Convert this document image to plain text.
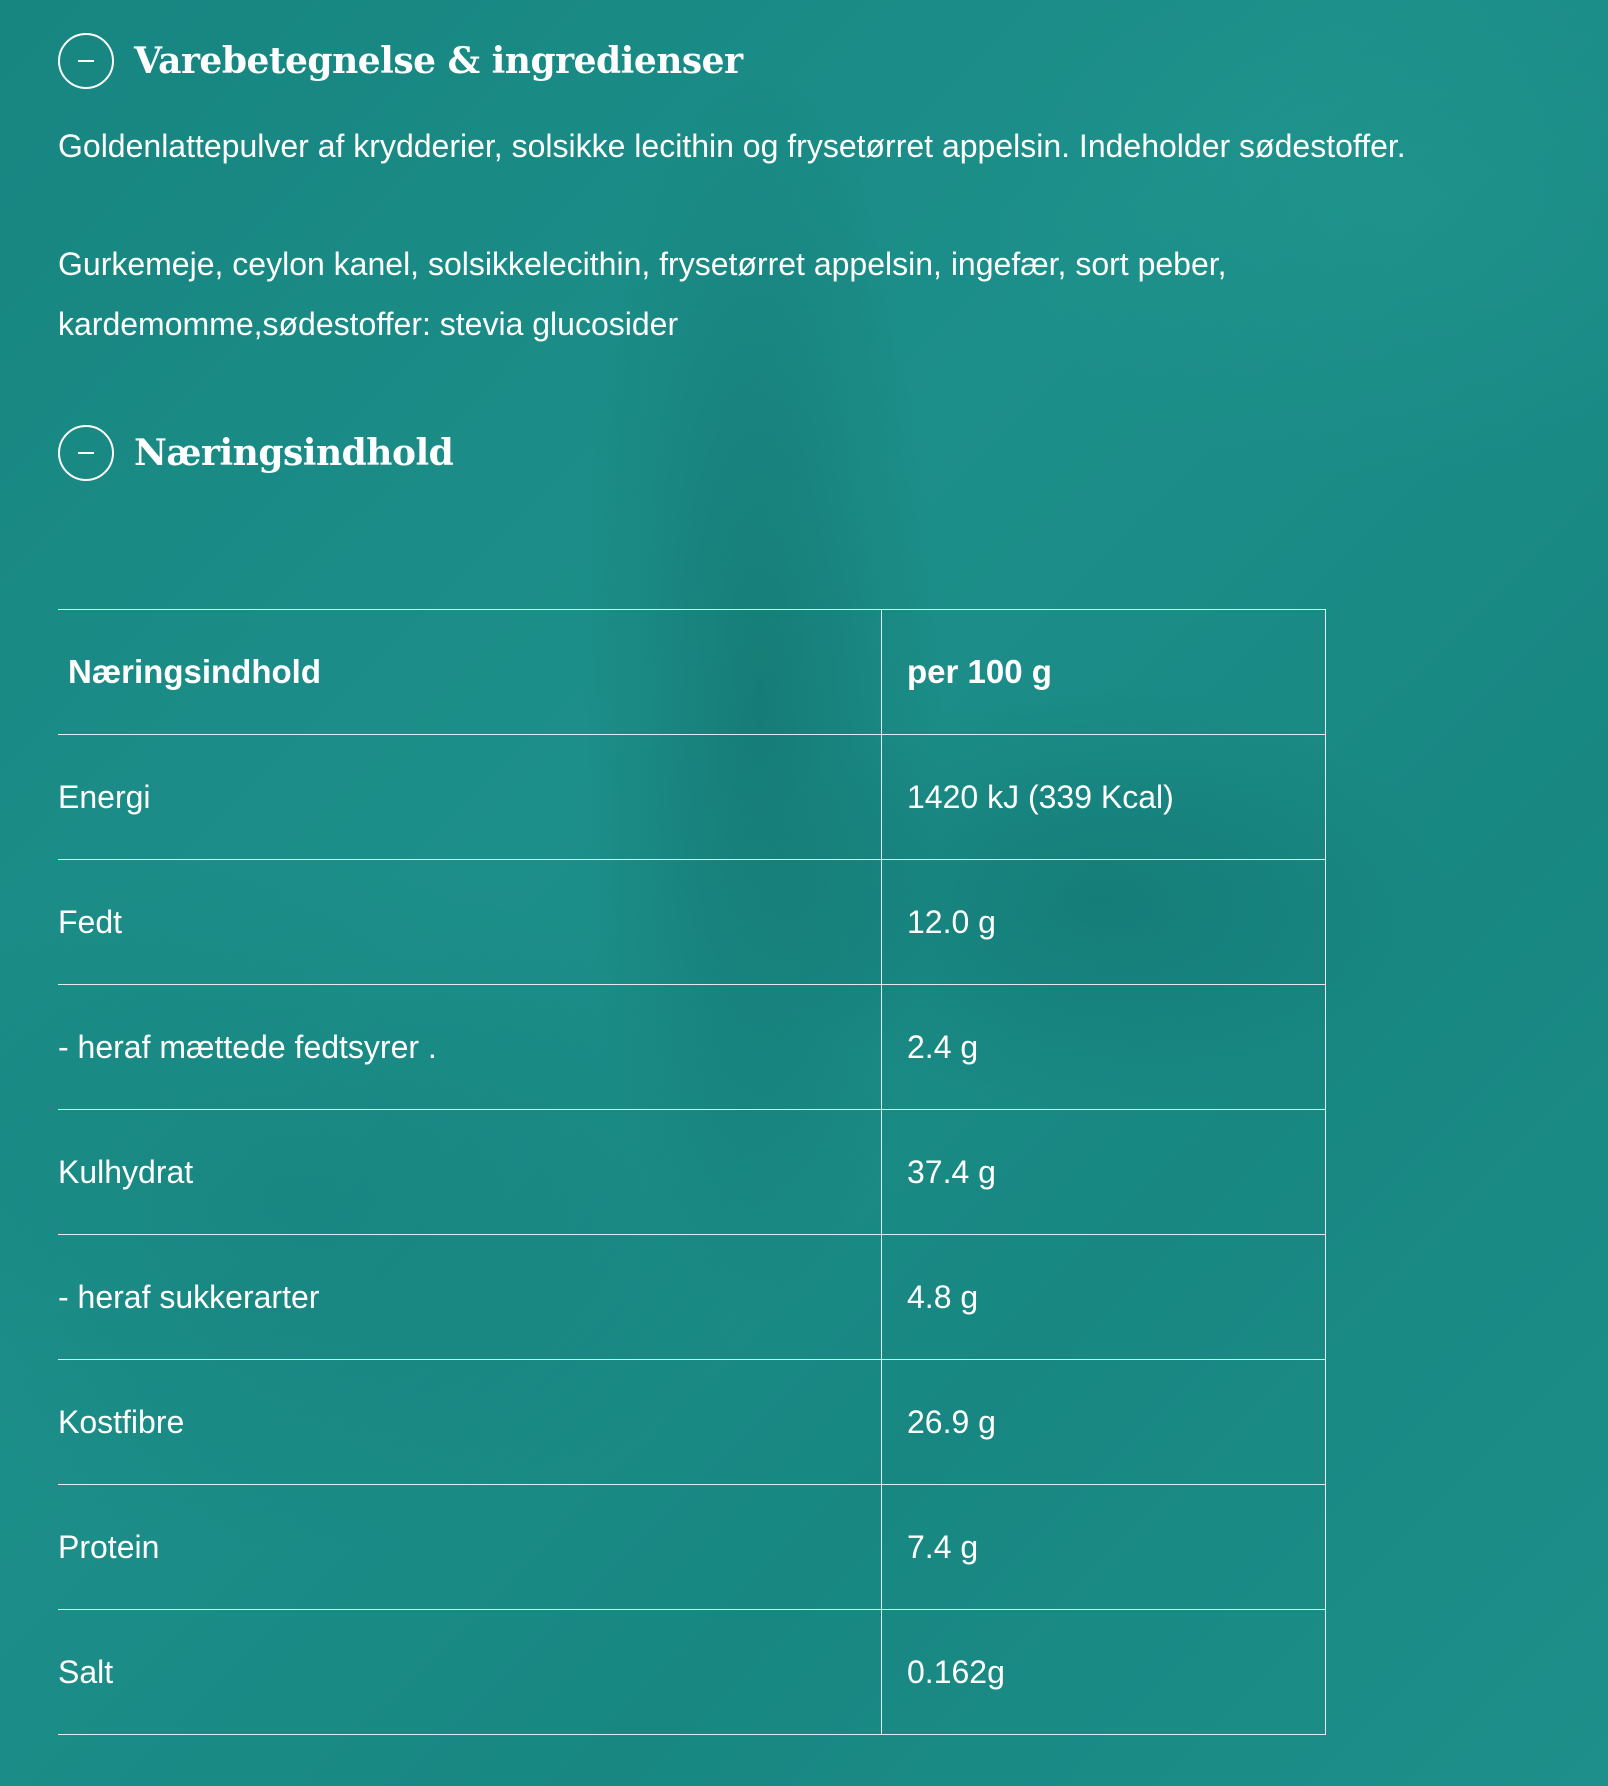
Varebetegnelse & ingredienser

Goldenlattepulver af krydderier, solsikke lecithin og frysetørret appelsin. Indeholder sødestoffer.

Gurkemeje, ceylon kanel, solsikkelecithin, frysetørret appelsin, ingefær, sort peber,
kardemomme,sødestoffer: stevia glucosider

Næringsindhold
Næringsindhold	per 100 g
Energi	1420 kJ (339 Kcal)
Fedt	12.0 g
- heraf mættede fedtsyrer .	2.4 g
Kulhydrat	37.4 g
- heraf sukkerarter	4.8 g
Kostfibre	26.9 g
Protein	7.4 g
Salt	0.162g
